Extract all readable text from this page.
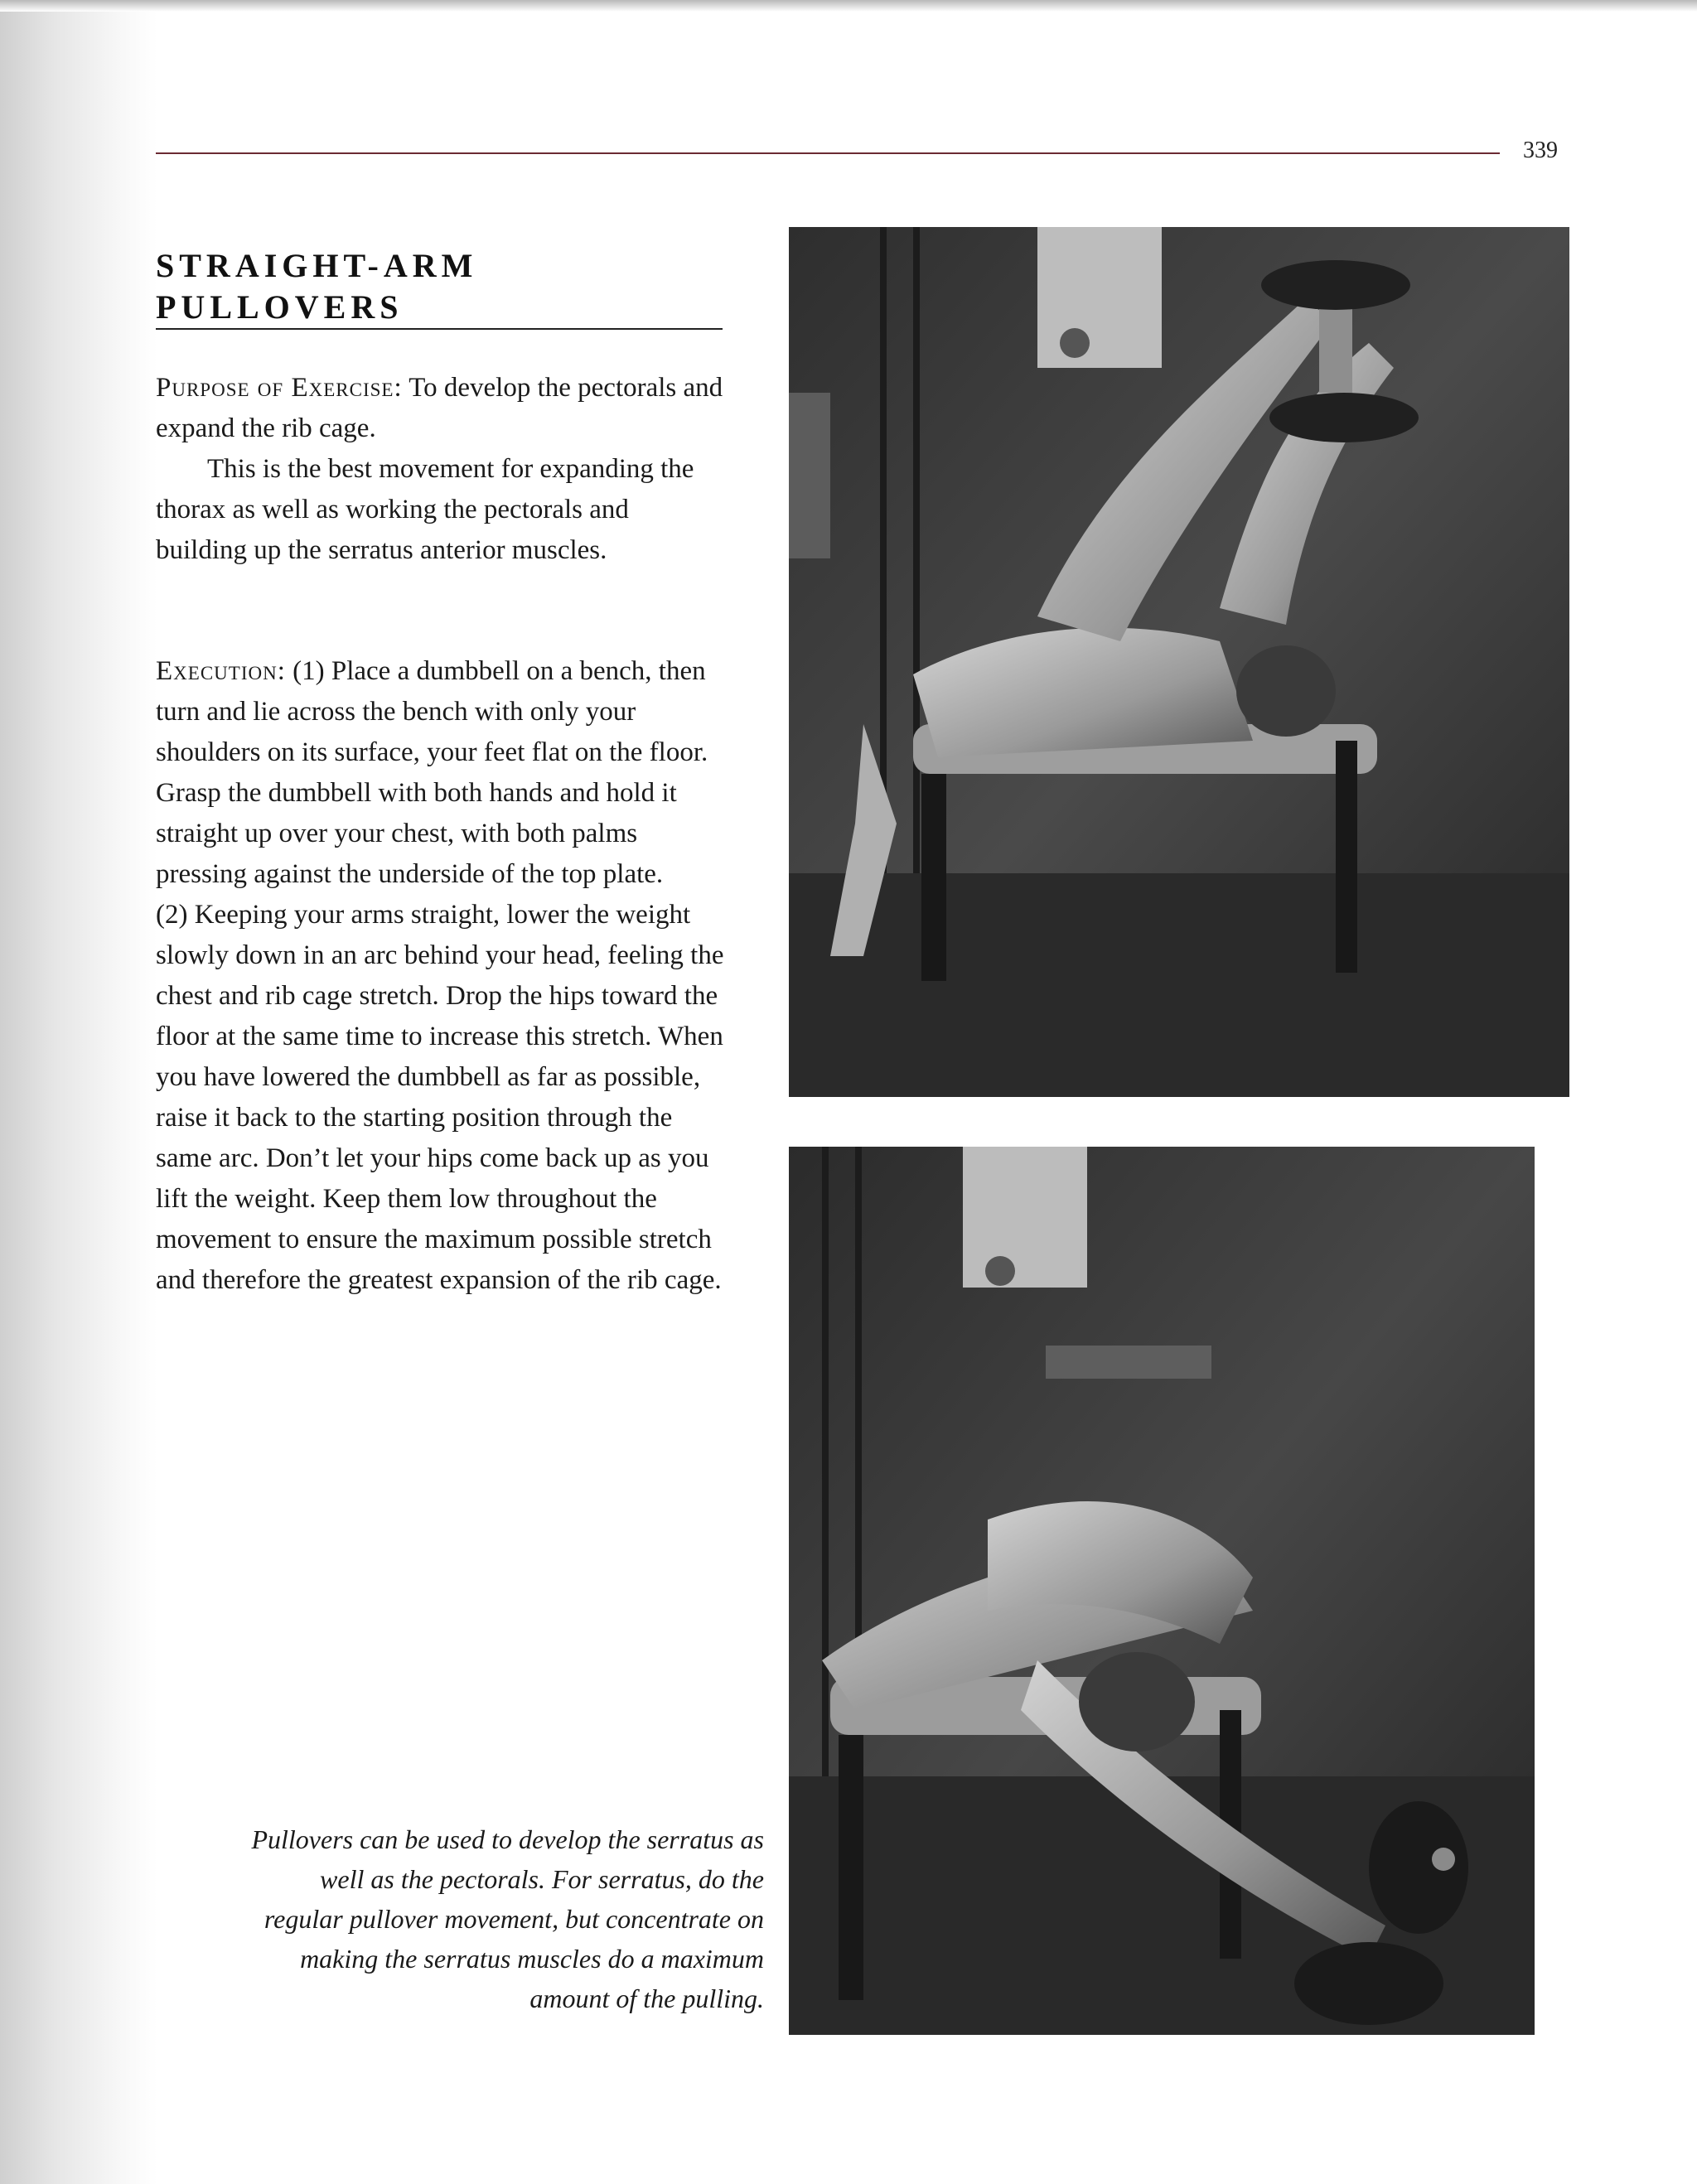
339
STRAIGHT-ARM
PULLOVERS

Purpose of Exercise: To develop the pectorals and expand the rib cage.

This is the best movement for expanding the thorax as well as working the pectorals and building up the serratus anterior muscles.

Execution: (1) Place a dumbbell on a bench, then turn and lie across the bench with only your shoulders on its surface, your feet flat on the floor. Grasp the dumbbell with both hands and hold it straight up over your chest, with both palms pressing against the underside of the top plate.

(2) Keeping your arms straight, lower the weight slowly down in an arc behind your head, feeling the chest and rib cage stretch. Drop the hips toward the floor at the same time to increase this stretch. When you have lowered the dumbbell as far as possible, raise it back to the starting position through the same arc. Don’t let your hips come back up as you lift the weight. Keep them low throughout the movement to ensure the maximum possible stretch and therefore the greatest expansion of the rib cage.

Pullovers can be used to develop the serratus as well as the pectorals. For serratus, do the regular pullover movement, but concentrate on making the serratus muscles do a maximum amount of the pulling.
